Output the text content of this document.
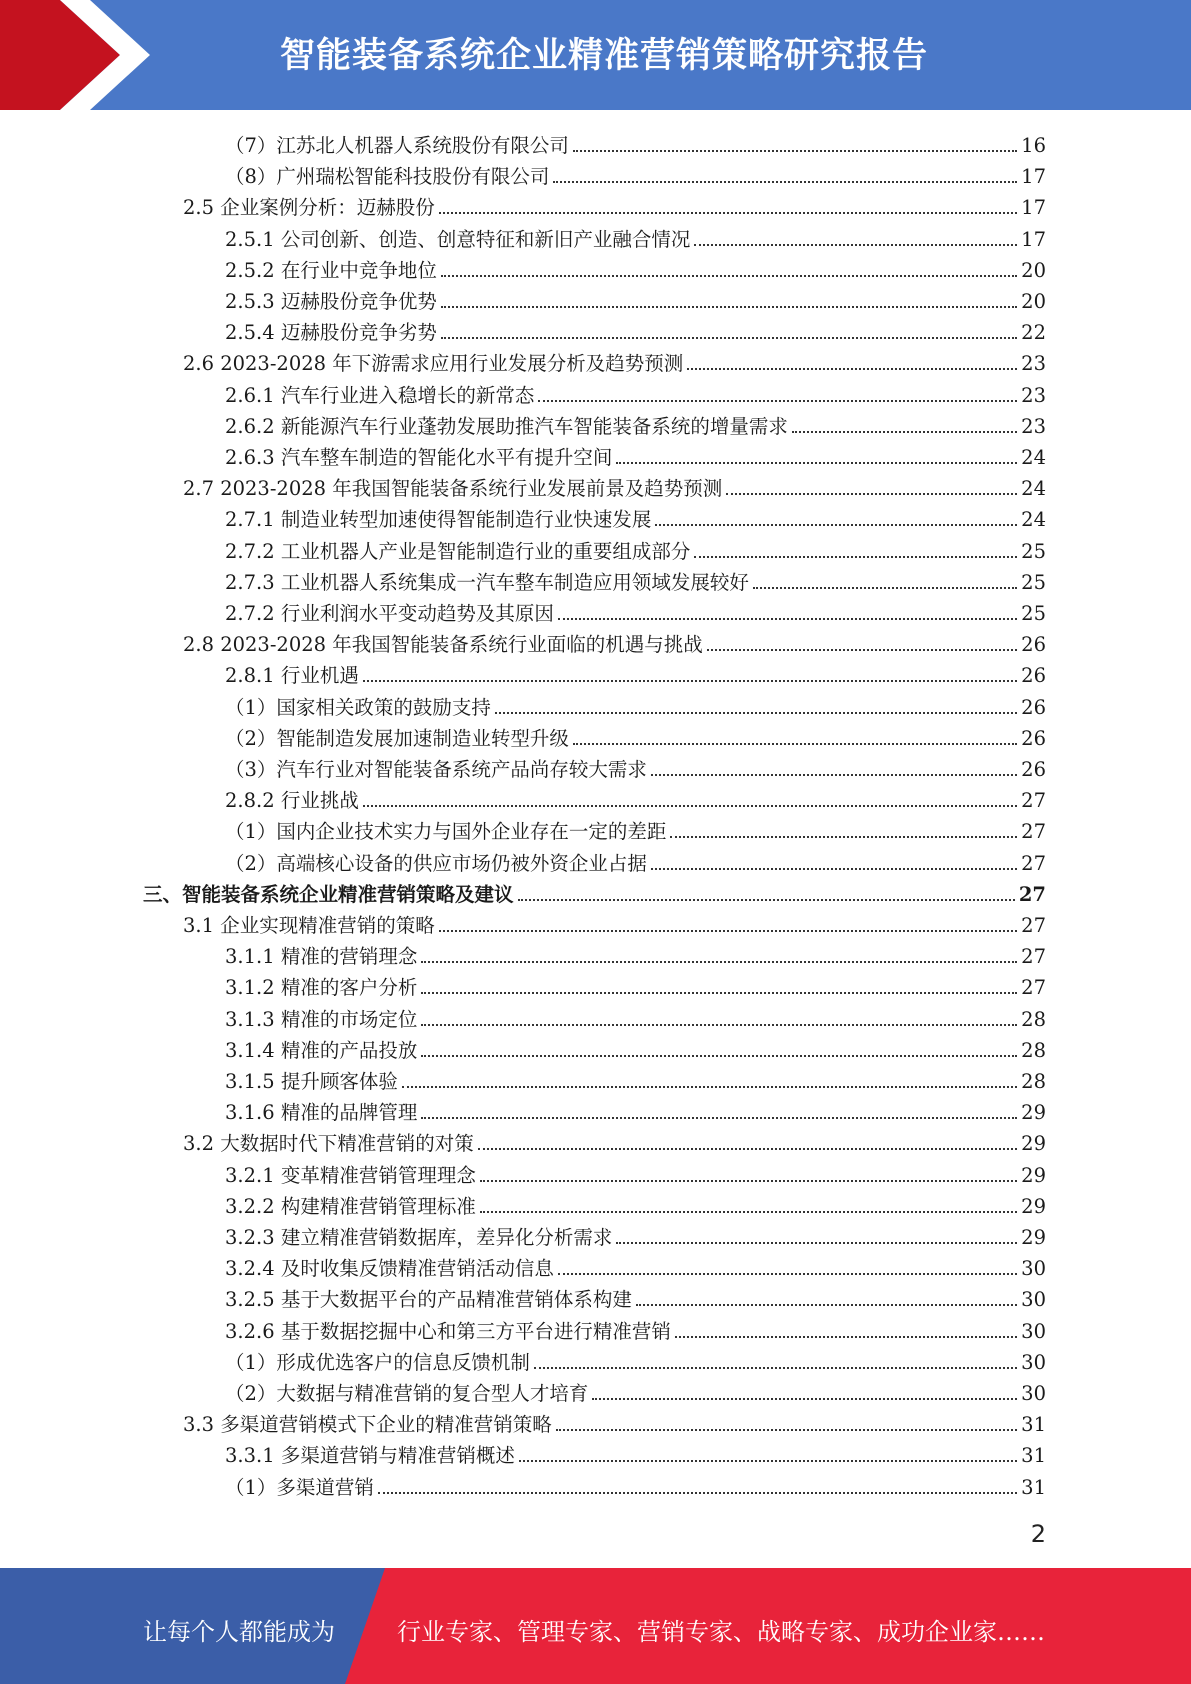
智能装备系统企业精准营销策略研究报告
（7）江苏北人机器人系统股份有限公司	16
（8）广州瑞松智能科技股份有限公司	17
2.5 企业案例分析：迈赫股份	17
2.5.1 公司创新、创造、创意特征和新旧产业融合情况	17
2.5.2 在行业中竞争地位	20
2.5.3 迈赫股份竞争优势	20
2.5.4 迈赫股份竞争劣势	22
2.6 2023-2028 年下游需求应用行业发展分析及趋势预测	23
2.6.1 汽车行业进入稳增长的新常态	23
2.6.2 新能源汽车行业蓬勃发展助推汽车智能装备系统的增量需求	23
2.6.3 汽车整车制造的智能化水平有提升空间	24
2.7 2023-2028 年我国智能装备系统行业发展前景及趋势预测	24
2.7.1 制造业转型加速使得智能制造行业快速发展	24
2.7.2 工业机器人产业是智能制造行业的重要组成部分	25
2.7.3 工业机器人系统集成一汽车整车制造应用领域发展较好	25
2.7.2 行业利润水平变动趋势及其原因	25
2.8 2023-2028 年我国智能装备系统行业面临的机遇与挑战	26
2.8.1 行业机遇	26
（1）国家相关政策的鼓励支持	26
（2）智能制造发展加速制造业转型升级	26
（3）汽车行业对智能装备系统产品尚存较大需求	26
2.8.2 行业挑战	27
（1）国内企业技术实力与国外企业存在一定的差距	27
（2）高端核心设备的供应市场仍被外资企业占据	27
三、智能装备系统企业精准营销策略及建议	27
3.1 企业实现精准营销的策略	27
3.1.1 精准的营销理念	27
3.1.2 精准的客户分析	27
3.1.3 精准的市场定位	28
3.1.4 精准的产品投放	28
3.1.5 提升顾客体验	28
3.1.6 精准的品牌管理	29
3.2 大数据时代下精准营销的对策	29
3.2.1 变革精准营销管理理念	29
3.2.2 构建精准营销管理标准	29
3.2.3 建立精准营销数据库，差异化分析需求	29
3.2.4 及时收集反馈精准营销活动信息	30
3.2.5 基于大数据平台的产品精准营销体系构建	30
3.2.6 基于数据挖掘中心和第三方平台进行精准营销	30
（1）形成优选客户的信息反馈机制	30
（2）大数据与精准营销的复合型人才培育	30
3.3 多渠道营销模式下企业的精准营销策略	31
3.3.1 多渠道营销与精准营销概述	31
（1）多渠道营销	31
2
让每个人都能成为	行业专家、管理专家、营销专家、战略专家、成功企业家……
